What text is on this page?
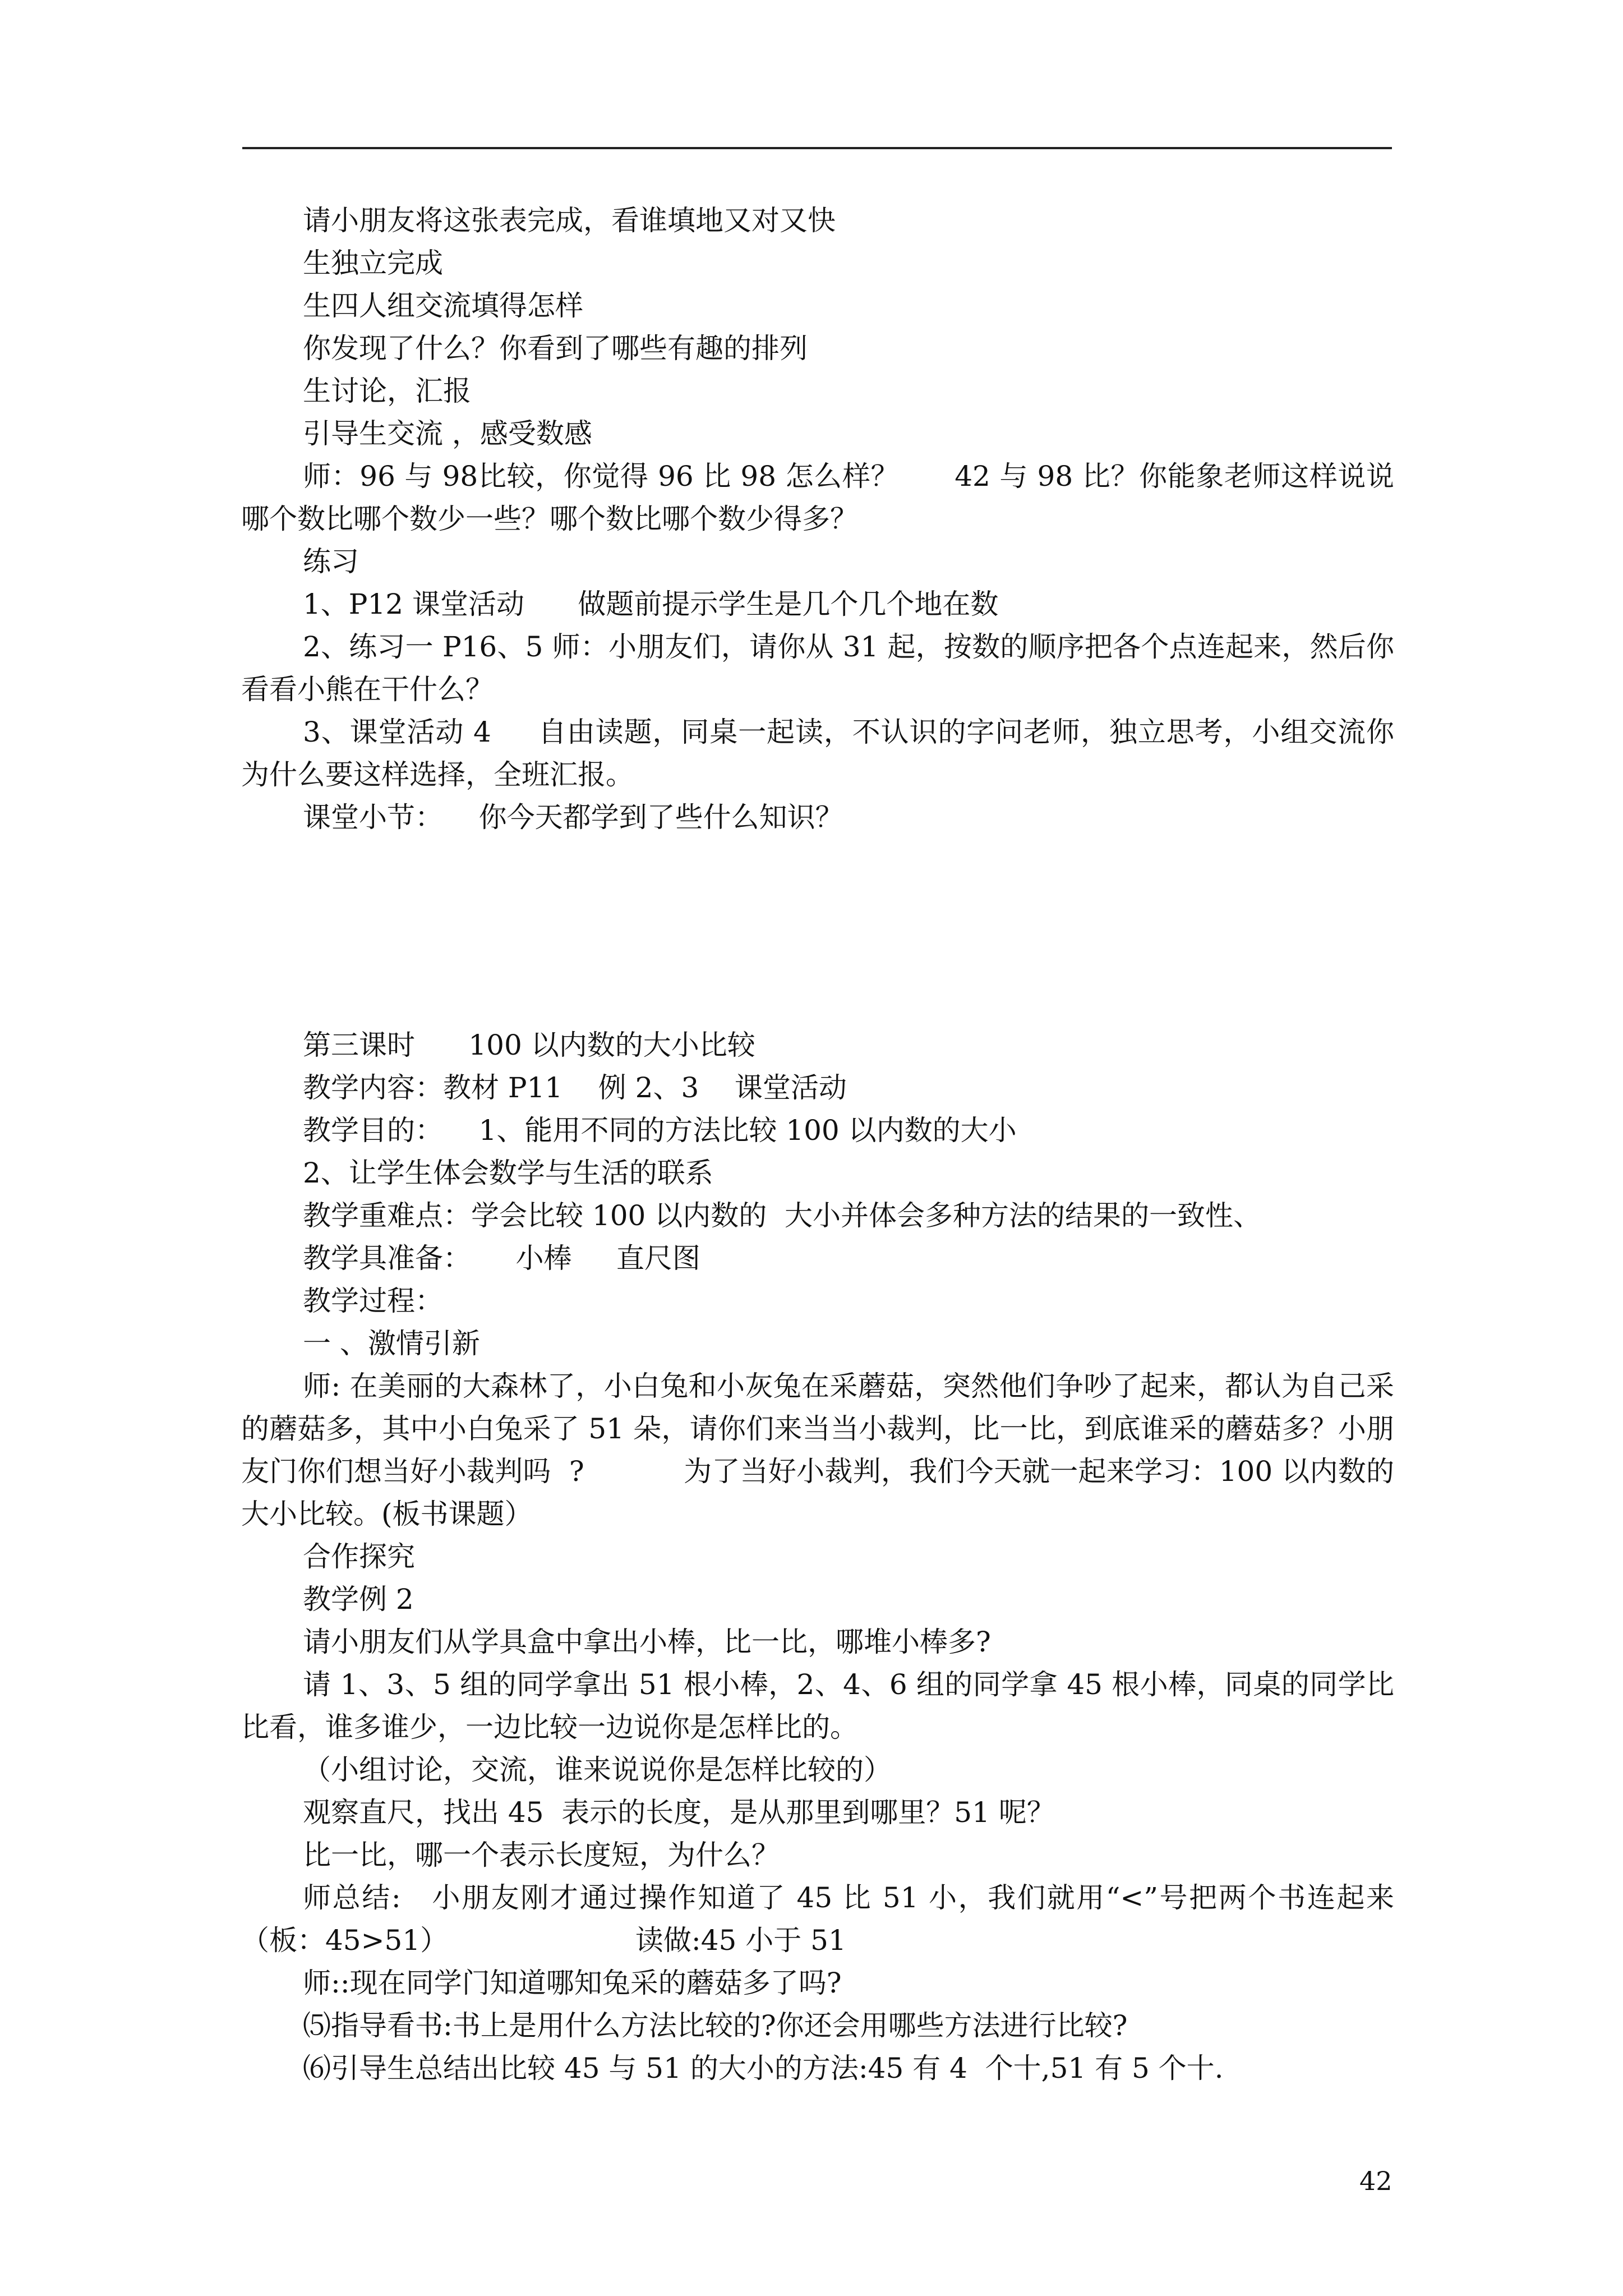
请小朋友将这张表完成，看谁填地又对又快

生独立完成

生四人组交流填得怎样

你发现了什么？你看到了哪些有趣的排列

生讨论，汇报

引导生交流 ，感受数感

师：96 与 98比较，你觉得 96 比 98 怎么样？      42 与 98 比？你能象老师这样说说哪个数比哪个数少一些？哪个数比哪个数少得多？

练习

1、P12 课堂活动      做题前提示学生是几个几个地在数

2、练习一 P16、5 师：小朋友们，请你从 31 起，按数的顺序把各个点连起来，然后你看看小熊在干什么？

3、课堂活动 4     自由读题，同桌一起读，不认识的字问老师，独立思考，小组交流你为什么要这样选择，全班汇报。

课堂小节：    你今天都学到了些什么知识？

第三课时      100 以内数的大小比较

教学内容：教材 P11    例 2、3    课堂活动

教学目的：    1、能用不同的方法比较 100 以内数的大小

2、让学生体会数学与生活的联系

教学重难点：学会比较 100 以内数的  大小并体会多种方法的结果的一致性、

教学具准备：     小棒     直尺图

教学过程：

一 、激情引新

师: 在美丽的大森林了，小白兔和小灰兔在采蘑菇，突然他们争吵了起来，都认为自己采的蘑菇多，其中小白兔采了 51 朵，请你们来当当小裁判，比一比，到底谁采的蘑菇多？小朋友门你们想当好小裁判吗  ?           为了当好小裁判，我们今天就一起来学习：100 以内数的大小比较。(板书课题）

合作探究

教学例 2

请小朋友们从学具盒中拿出小棒，比一比，哪堆小棒多?

请 1、3、5 组的同学拿出 51 根小棒，2、4、6 组的同学拿 45 根小棒，同桌的同学比比看，谁多谁少，一边比较一边说你是怎样比的。

（小组讨论，交流，谁来说说你是怎样比较的）

观察直尺，找出 45  表示的长度，是从那里到哪里？51 呢？

比一比，哪一个表示长度短，为什么？

师总结:   小朋友刚才通过操作知道了 45 比 51 小，我们就用“<”号把两个书连起来（板：45>51）                     读做:45 小于 51

师::现在同学门知道哪知兔采的蘑菇多了吗?

⑸指导看书:书上是用什么方法比较的?你还会用哪些方法进行比较?

⑹引导生总结出比较 45 与 51 的大小的方法:45 有 4  个十,51 有 5 个十.

42
